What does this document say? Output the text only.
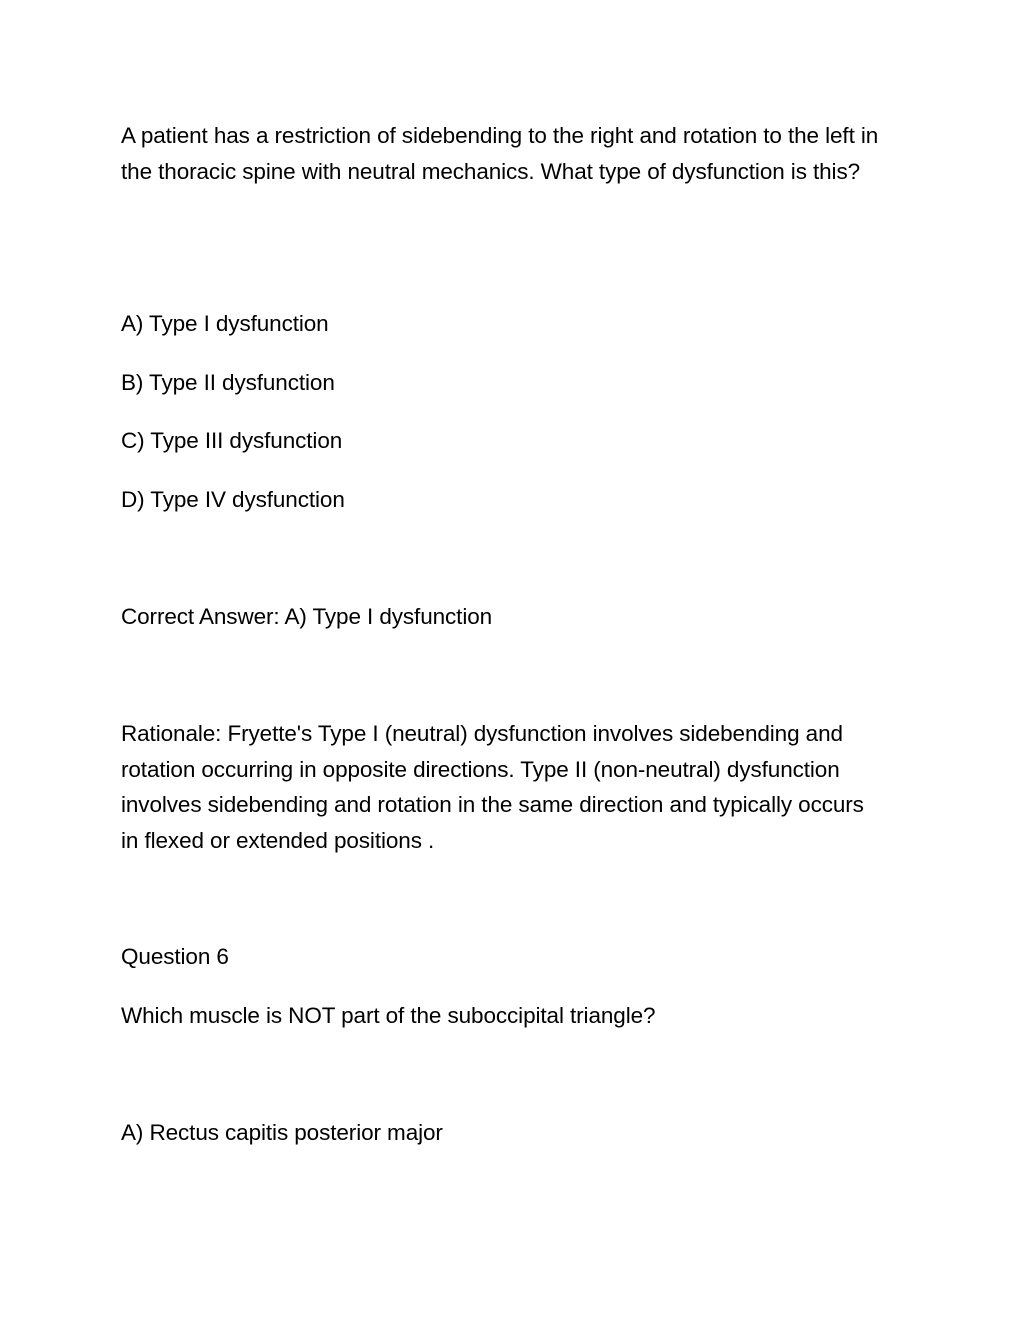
A patient has a restriction of sidebending to the right and rotation to the left in the thoracic spine with neutral mechanics. What type of dysfunction is this?
A) Type I dysfunction
B) Type II dysfunction
C) Type III dysfunction
D) Type IV dysfunction
Correct Answer: A) Type I dysfunction
Rationale: Fryette's Type I (neutral) dysfunction involves sidebending and rotation occurring in opposite directions. Type II (non-neutral) dysfunction involves sidebending and rotation in the same direction and typically occurs in flexed or extended positions .
Question 6
Which muscle is NOT part of the suboccipital triangle?
A) Rectus capitis posterior major
